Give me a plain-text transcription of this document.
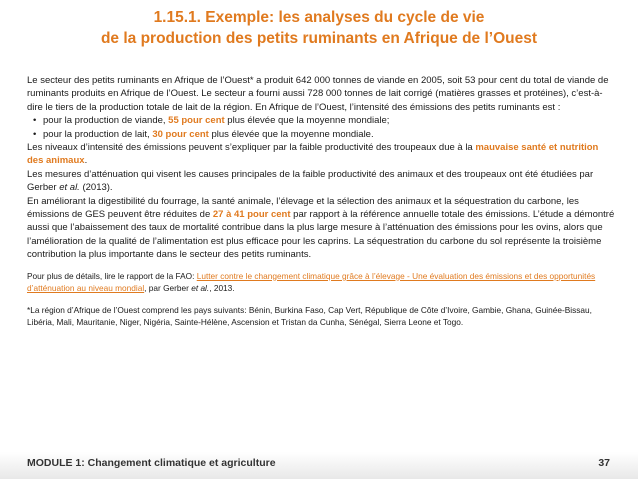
1.15.1. Exemple: les analyses du cycle de vie
de la production des petits ruminants en Afrique de l’Ouest

Le secteur des petits ruminants en Afrique de l’Ouest* a produit 642 000 tonnes de viande en 2005, soit 53 pour cent du total de viande de ruminants produits en Afrique de l’Ouest. Le secteur a fourni aussi 728 000 tonnes de lait corrigé (matières grasses et protéines), c’est-à-dire le tiers de la production totale de lait de la région. En Afrique de l’Ouest, l’intensité des émissions des petits ruminants est :

• pour la production de viande, 55 pour cent plus élevée que la moyenne mondiale;
• pour la production de lait, 30 pour cent plus élevée que la moyenne mondiale.

Les niveaux d’intensité des émissions peuvent s’expliquer par la faible productivité des troupeaux due à la mauvaise santé et nutrition des animaux.

Les mesures d’atténuation qui visent les causes principales de la faible productivité des animaux et des troupeaux ont été étudiées par Gerber et al. (2013).

En améliorant la digestibilité du fourrage, la santé animale, l’élevage et la sélection des animaux et la séquestration du carbone, les émissions de GES peuvent être réduites de 27 à 41 pour cent par rapport à la référence annuelle totale des émissions. L’étude a démontré aussi que l’abaissement des taux de mortalité contribue dans la plus large mesure à l’atténuation des émissions pour les ovins, alors que l’amélioration de la qualité de l’alimentation est plus efficace pour les caprins. La séquestration du carbone du sol représente la troisième contribution la plus importante dans le secteur des petits ruminants.

Pour plus de détails, lire le rapport de la FAO: Lutter contre le changement climatique grâce à l’élevage - Une évaluation des émissions et des opportunités d’atténuation au niveau mondial, par Gerber et al., 2013.

*La région d’Afrique de l’Ouest comprend les pays suivants: Bénin, Burkina Faso, Cap Vert, République de Côte d’Ivoire, Gambie, Ghana, Guinée-Bissau, Libéria, Mali, Mauritanie, Niger, Nigéria, Sainte-Hélène, Ascension et Tristan da Cunha, Sénégal, Sierra Leone et Togo.

MODULE 1: Changement climatique et agriculture	37
